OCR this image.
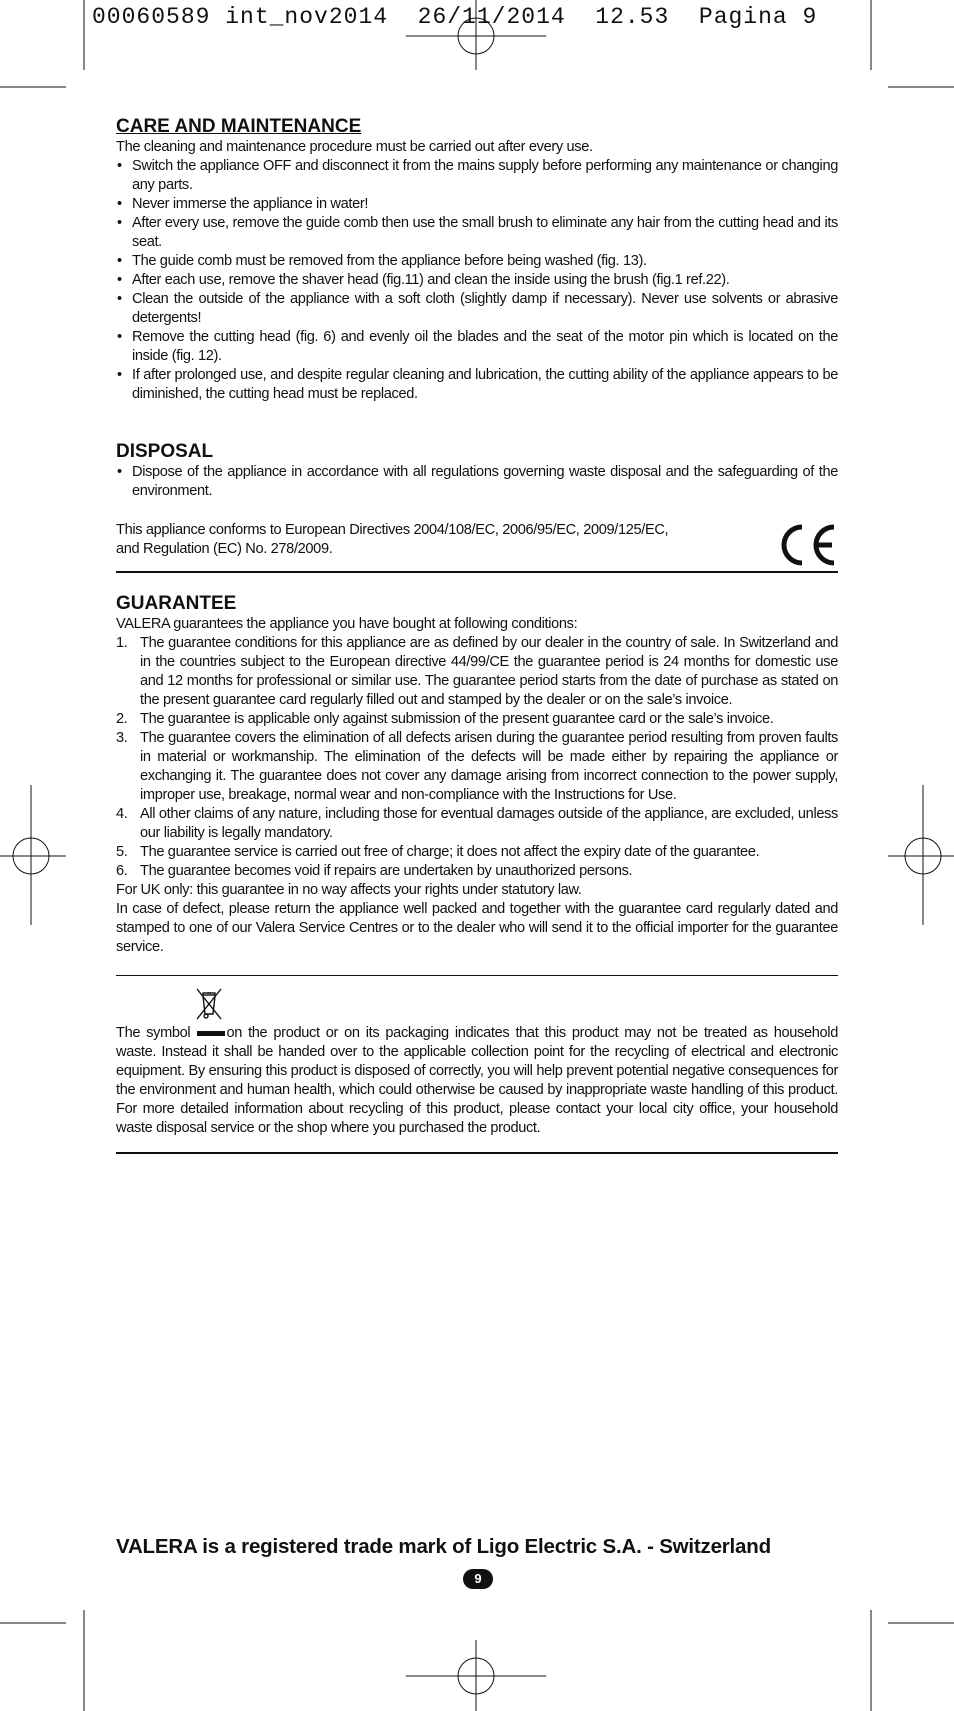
00060589 int_nov2014  26/11/2014  12.53  Pagina 9
CARE AND MAINTENANCE

The cleaning and maintenance procedure must be carried out after every use.

• Switch the appliance OFF and disconnect it from the mains supply before performing any maintenance or changing any parts.
• Never immerse the appliance in water!
• After every use, remove the guide comb then use the small brush to eliminate any hair from the cutting head and its seat.
• The guide comb must be removed from the appliance before being washed (fig. 13).
• After each use, remove the shaver head (fig.11) and clean the inside using the brush (fig.1 ref.22).
• Clean the outside of the appliance with a soft cloth (slightly damp if necessary). Never use solvents or abrasive detergents!
• Remove the cutting head (fig. 6) and evenly oil the blades and the seat of the motor pin which is located on the inside (fig. 12).
• If after prolonged use, and despite regular cleaning and lubrication, the cutting ability of the appliance appears to be diminished, the cutting head must be replaced.
DISPOSAL
• Dispose of the appliance in accordance with all regulations governing waste disposal and the safeguarding of the environment.

This appliance conforms to European Directives 2004/108/EC, 2006/95/EC, 2009/125/EC, and Regulation (EC) No. 278/2009.

GUARANTEE

VALERA guarantees the appliance you have bought at following conditions:

1. The guarantee conditions for this appliance are as defined by our dealer in the country of sale. In Switzerland and in the countries subject to the European directive 44/99/CE the guarantee period is 24 months for domestic use and 12 months for professional or similar use. The guarantee period starts from the date of purchase as stated on the present guarantee card regularly filled out and stamped by the dealer or on the sale’s invoice.
2. The guarantee is applicable only against submission of the present guarantee card or the sale’s invoice.
3. The guarantee covers the elimination of all defects arisen during the guarantee period resulting from proven faults in material or workmanship. The elimination of the defects will be made either by repairing the appliance or exchanging it. The guarantee does not cover any damage arising from incorrect connection to the power supply, improper use, breakage, normal wear and non-compliance with the Instructions for Use.
4. All other claims of any nature, including those for eventual damages outside of the appliance, are excluded, unless our liability is legally mandatory.
5. The guarantee service is carried out free of charge; it does not affect the expiry date of the guarantee.
6. The guarantee becomes void if repairs are undertaken by unauthorized persons.

For UK only: this guarantee in no way affects your rights under statutory law.

In case of defect, please return the appliance well packed and together with the guarantee card regularly dated and stamped to one of our Valera Service Centres or to the dealer who will send it to the official importer for the guarantee service.

The symbol on the product or on its packaging indicates that this product may not be treated as household waste. Instead it shall be handed over to the applicable collection point for the recycling of electrical and electronic equipment. By ensuring this product is disposed of correctly, you will help prevent potential negative consequences for the environment and human health, which could otherwise be caused by inappropriate waste handling of this product. For more detailed information about recycling of this product, please contact your local city office, your household waste disposal service or the shop where you purchased the product.

VALERA is a registered trade mark of Ligo Electric S.A. - Switzerland
9
